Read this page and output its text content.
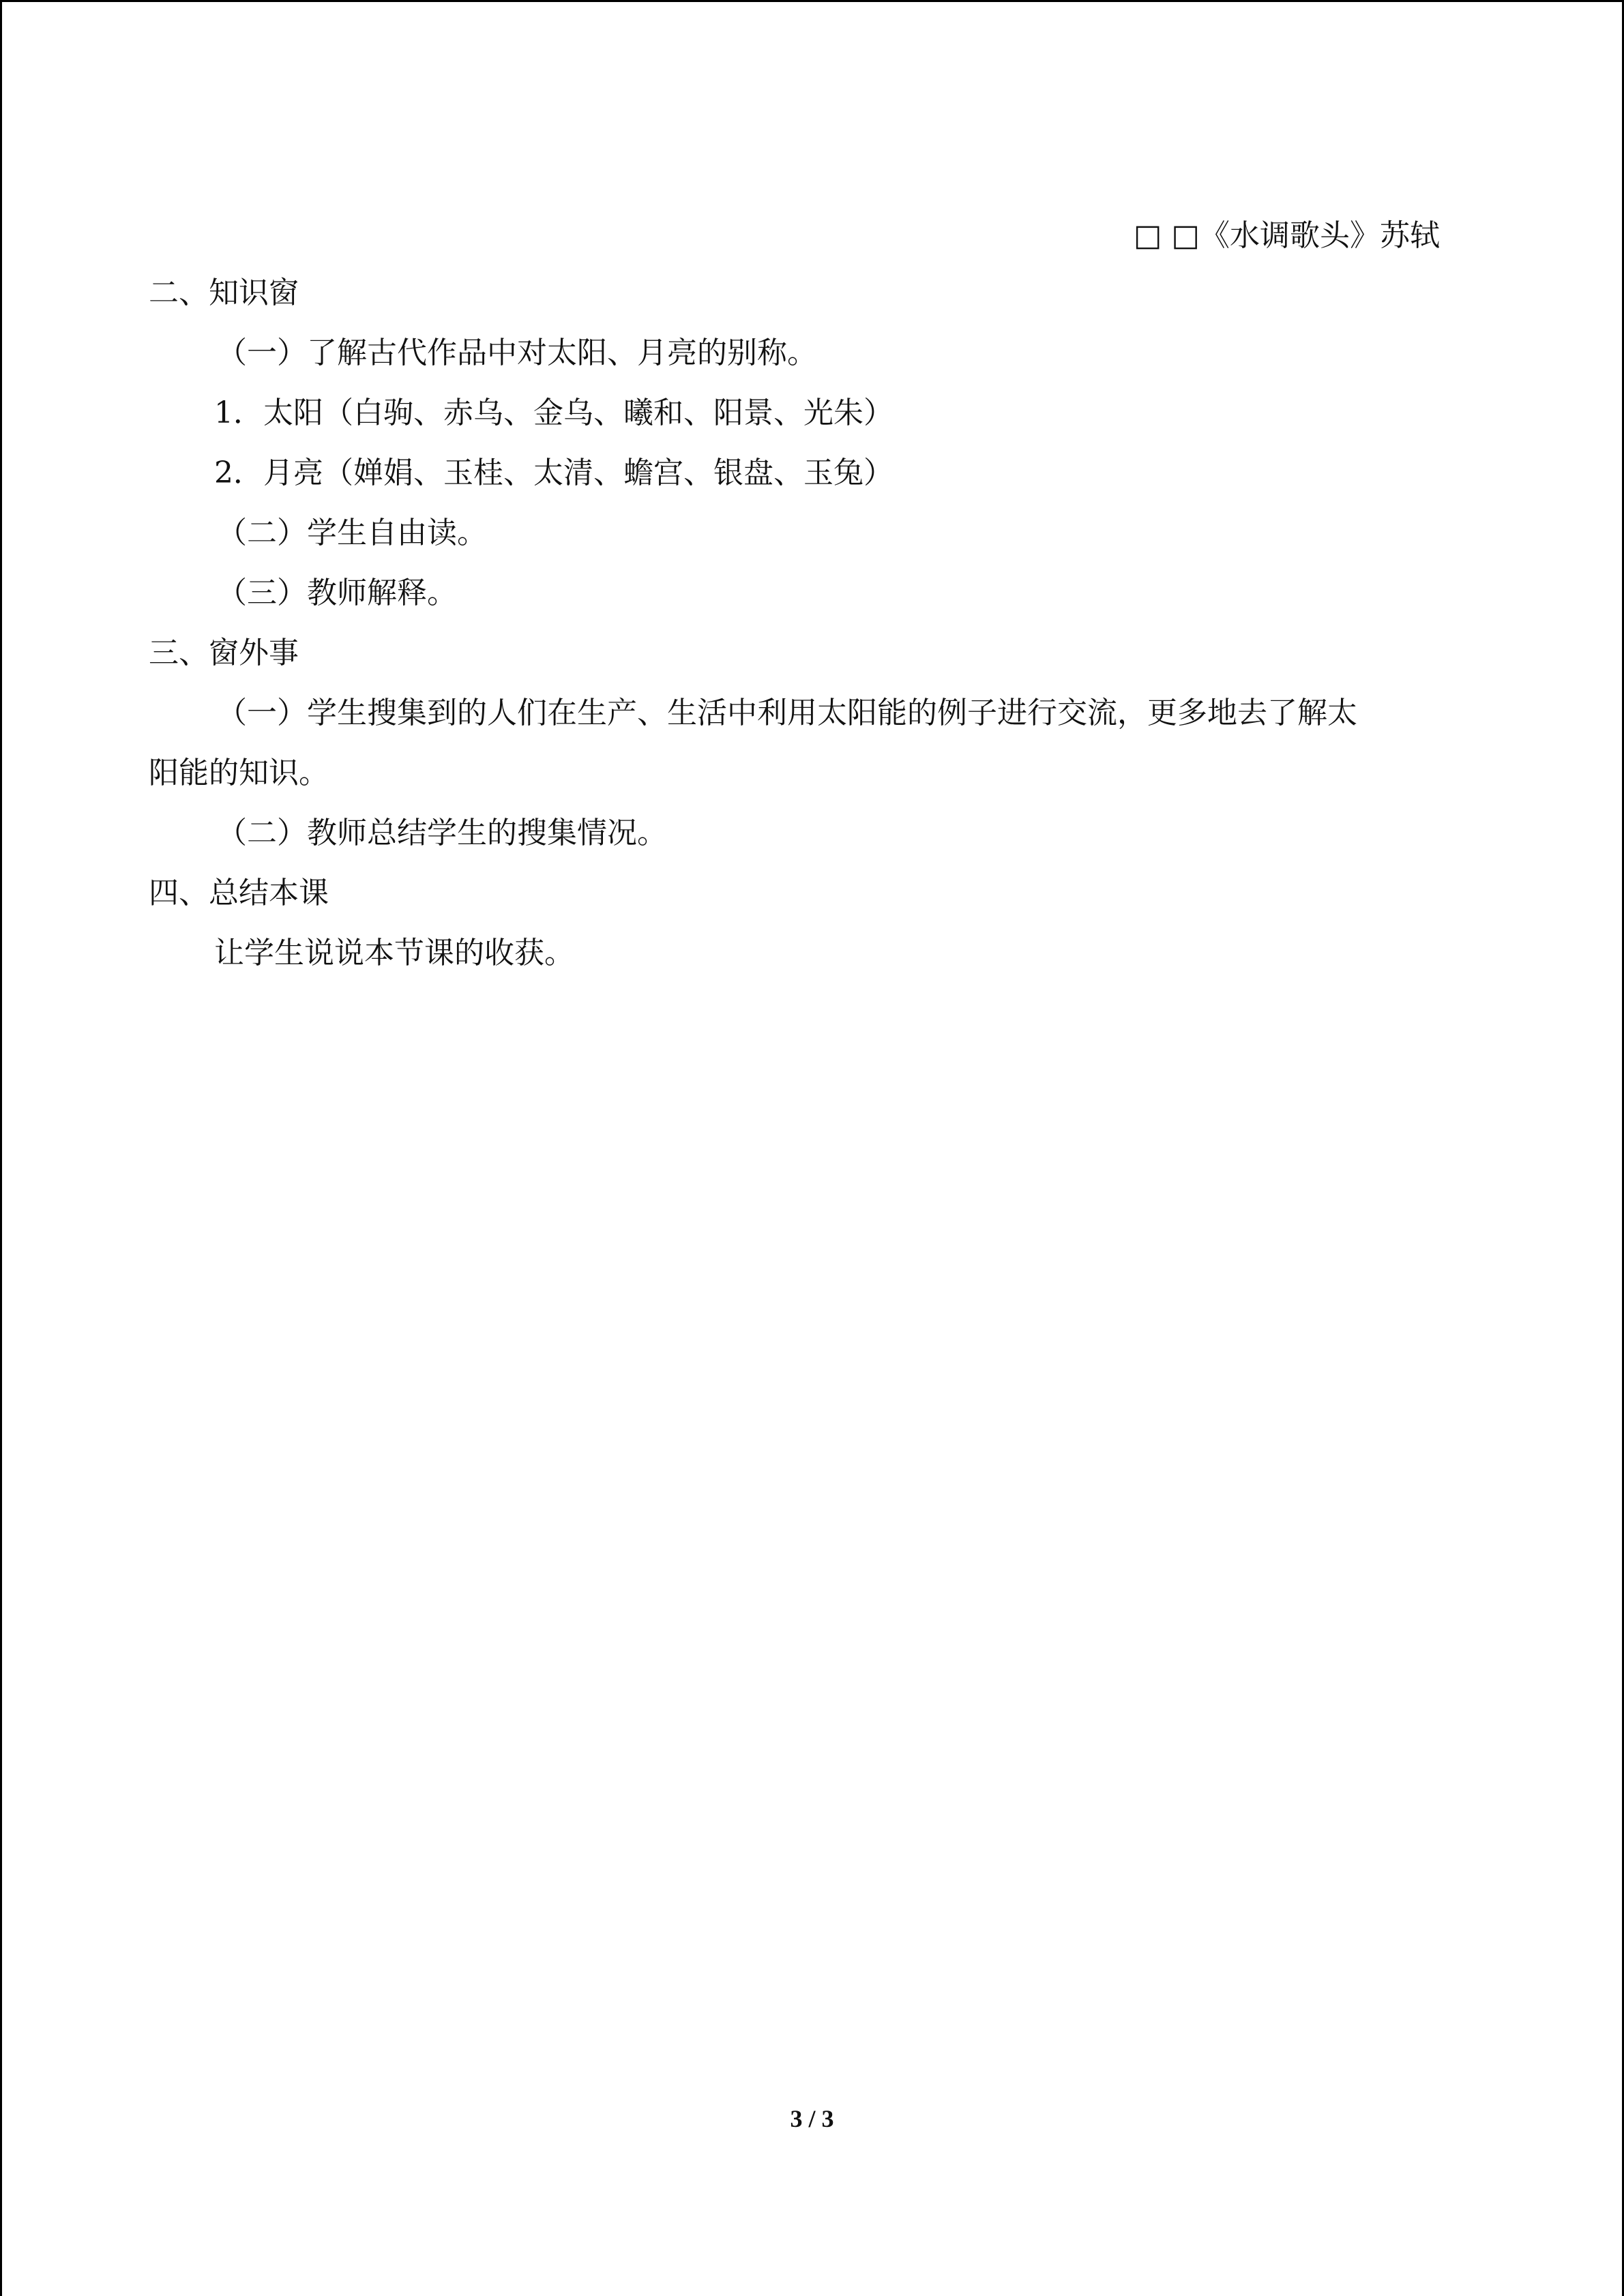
□ □《水调歌头》苏轼
二、知识窗
（一）了解古代作品中对太阳、月亮的别称。
1．太阳（白驹、赤乌、金乌、曦和、阳景、光朱）
2．月亮（婵娟、玉桂、太清、蟾宫、银盘、玉兔）
（二）学生自由读。
（三）教师解释。
三、窗外事
（一）学生搜集到的人们在生产、生活中利用太阳能的例子进行交流，更多地去了解太
阳能的知识。
（二）教师总结学生的搜集情况。
四、总结本课
让学生说说本节课的收获。
3 / 3
